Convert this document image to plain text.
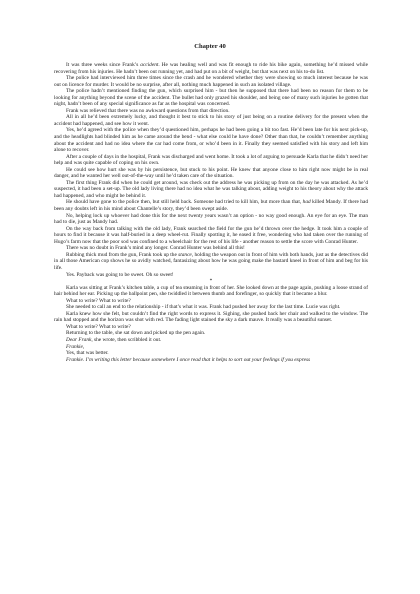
Chapter 40

It was three weeks since Frank’s accident. He was healing well and was fit enough to ride his bike again, something he’d missed while recovering from his injuries. He hadn’t been out running yet, and had put on a bit of weight, but that was next on his to-do list.

The police had interviewed him three times since the crash and he wondered whether they were showing so much interest because he was out on licence for murder. It would be no surprise, after all, nothing much happened in such an isolated village.

The police hadn’t mentioned finding the gun, which surprised him - but then he supposed that there had been no reason for them to be looking for anything beyond the scene of the accident. The bullet had only grazed his shoulder, and being one of many such injuries he gotten that night, hadn’t been of any special significance as far as the hospital was concerned.

Frank was relieved that there was no awkward questions from that direction.

All in all he’d been extremely lucky, and thought it best to stick to his story of just being on a routine delivery for the present when the accident had happened, and see how it went.

Yes, he’d agreed with the police when they’d questioned him, perhaps he had been going a bit too fast. He’d been late for his next pick-up, and the headlights had blinded him as he came around the bend - what else could he have done? Other than that, he couldn’t remember anything about the accident and had no idea where the car had come from, or who’d been in it. Finally they seemed satisfied with his story and left him alone to recover.

After a couple of days in the hospital, Frank was discharged and went home. It took a lot of arguing to persuade Karla that he didn’t need her help and was quite capable of coping on his own.

He could see how hurt she was by his persistence, but stuck to his point. He knew that anyone close to him right now might be in real danger, and he wanted her well out-of-the-way until he’d taken care of the situation.

The first thing Frank did when he could get around, was check out the address he was picking up from on the day he was attacked. As he’d suspected, it had been a set-up. The old lady living there had no idea what he was talking about, adding weight to his theory about why the attack had happened, and who might be behind it.

He should have gone to the police then, but still held back. Someone had tried to kill him, but more than that, had killed Mandy. If there had been any doubts left in his mind about Chantelle’s story, they’d been swept aside.

No, helping lock up whoever had done this for the next twenty years wasn’t an option - no way good enough. An eye for an eye. The man had to die, just as Mandy had.

On the way back from talking with the old lady, Frank searched the field for the gun he’d thrown over the hedge. It took him a couple of hours to find it because it was half-buried in a deep wheel-rut. Finally spotting it, he eased it free, wondering who had taken over the running of Hugo’s farm now that the poor sod was confined to a wheelchair for the rest of his life - another reason to settle the score with Conrad Hunter.

There was no doubt in Frank’s mind any longer. Conrad Hunter was behind all this!

Rubbing thick mud from the gun, Frank took up the stance, holding the weapon out in front of him with both hands, just as the detectives did in all those American cop shows he so avidly watched, fantasizing about how he was going make the bastard kneel in front of him and beg for his life.

Yes. Payback was going to be sweet. Oh so sweet!

*

Karla was sitting at Frank’s kitchen table, a cup of tea steaming in front of her. She looked down at the page again, pushing a loose strand of hair behind her ear. Picking up the ballpoint pen, she twiddled it between thumb and forefinger, so quickly that it became a blur.

What to write? What to write?

She needed to call an end to the relationship - if that’s what it was. Frank had pushed her away for the last time. Lucie was right.

Karla knew how she felt, but couldn’t find the right words to express it. Sighing, she pushed back her chair and walked to the window. The rain had stopped and the horizon was shot with red. The fading light stained the sky a dark mauve. It really was a beautiful sunset.

What to write? What to write?

Returning to the table, she sat down and picked up the pen again.

Dear Frank, she wrote, then scribbled it out.

Frankie,

Yes, that was better.

Frankie. I’m writing this letter because somewhere I once read that it helps to sort out your feelings if you express
